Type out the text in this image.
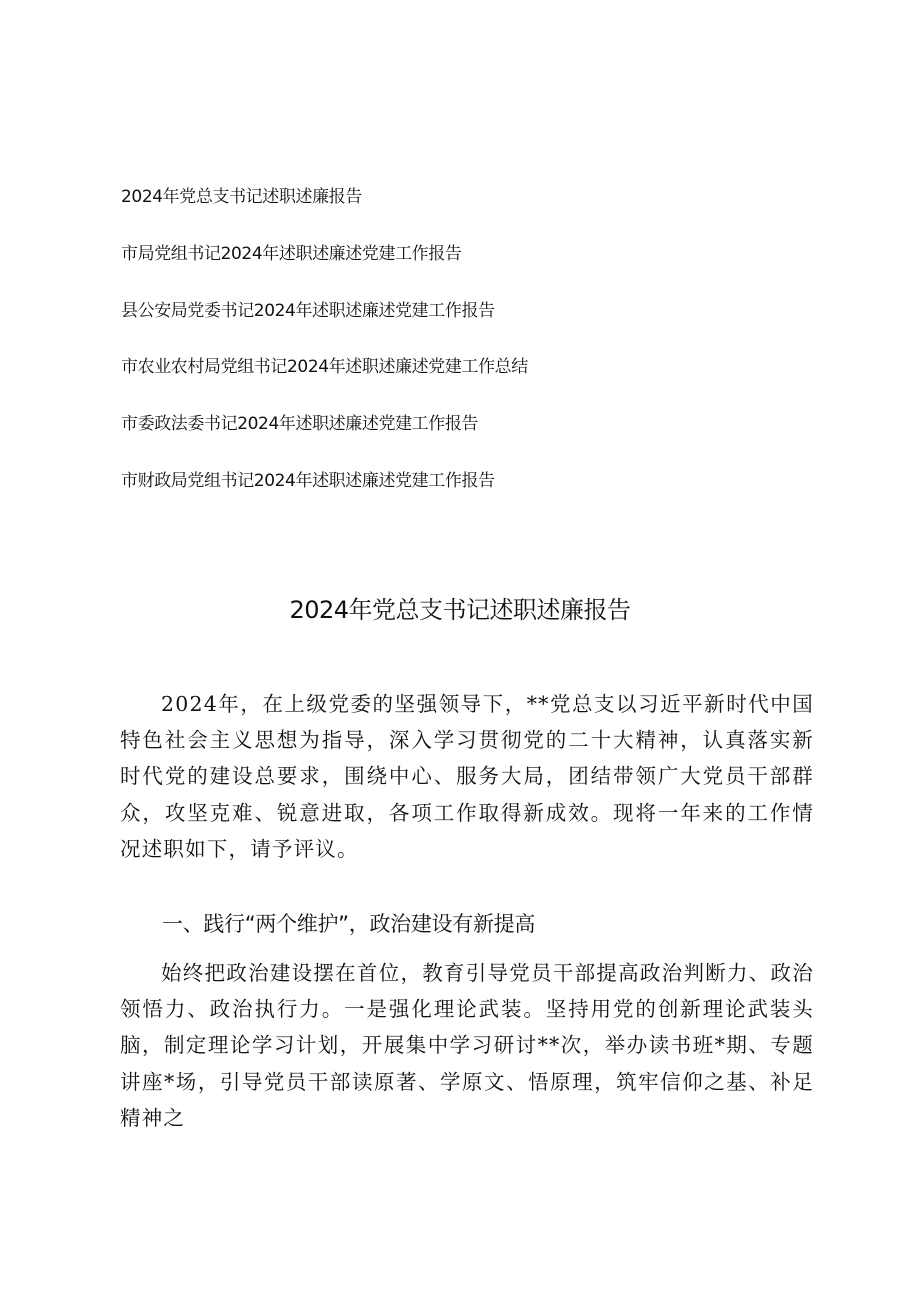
2024年党总支书记述职述廉报告
市局党组书记2024年述职述廉述党建工作报告
县公安局党委书记2024年述职述廉述党建工作报告
市农业农村局党组书记2024年述职述廉述党建工作总结
市委政法委书记2024年述职述廉述党建工作报告
市财政局党组书记2024年述职述廉述党建工作报告
2024年党总支书记述职述廉报告

2024年，在上级党委的坚强领导下，**党总支以习近平新时代中国特色社会主义思想为指导，深入学习贯彻党的二十大精神，认真落实新时代党的建设总要求，围绕中心、服务大局，团结带领广大党员干部群众，攻坚克难、锐意进取，各项工作取得新成效。现将一年来的工作情况述职如下，请予评议。

一、践行“两个维护”，政治建设有新提高

始终把政治建设摆在首位，教育引导党员干部提高政治判断力、政治领悟力、政治执行力。一是强化理论武装。坚持用党的创新理论武装头脑，制定理论学习计划，开展集中学习研讨**次，举办读书班*期、专题讲座*场，引导党员干部读原著、学原文、悟原理，筑牢信仰之基、补足精神之
